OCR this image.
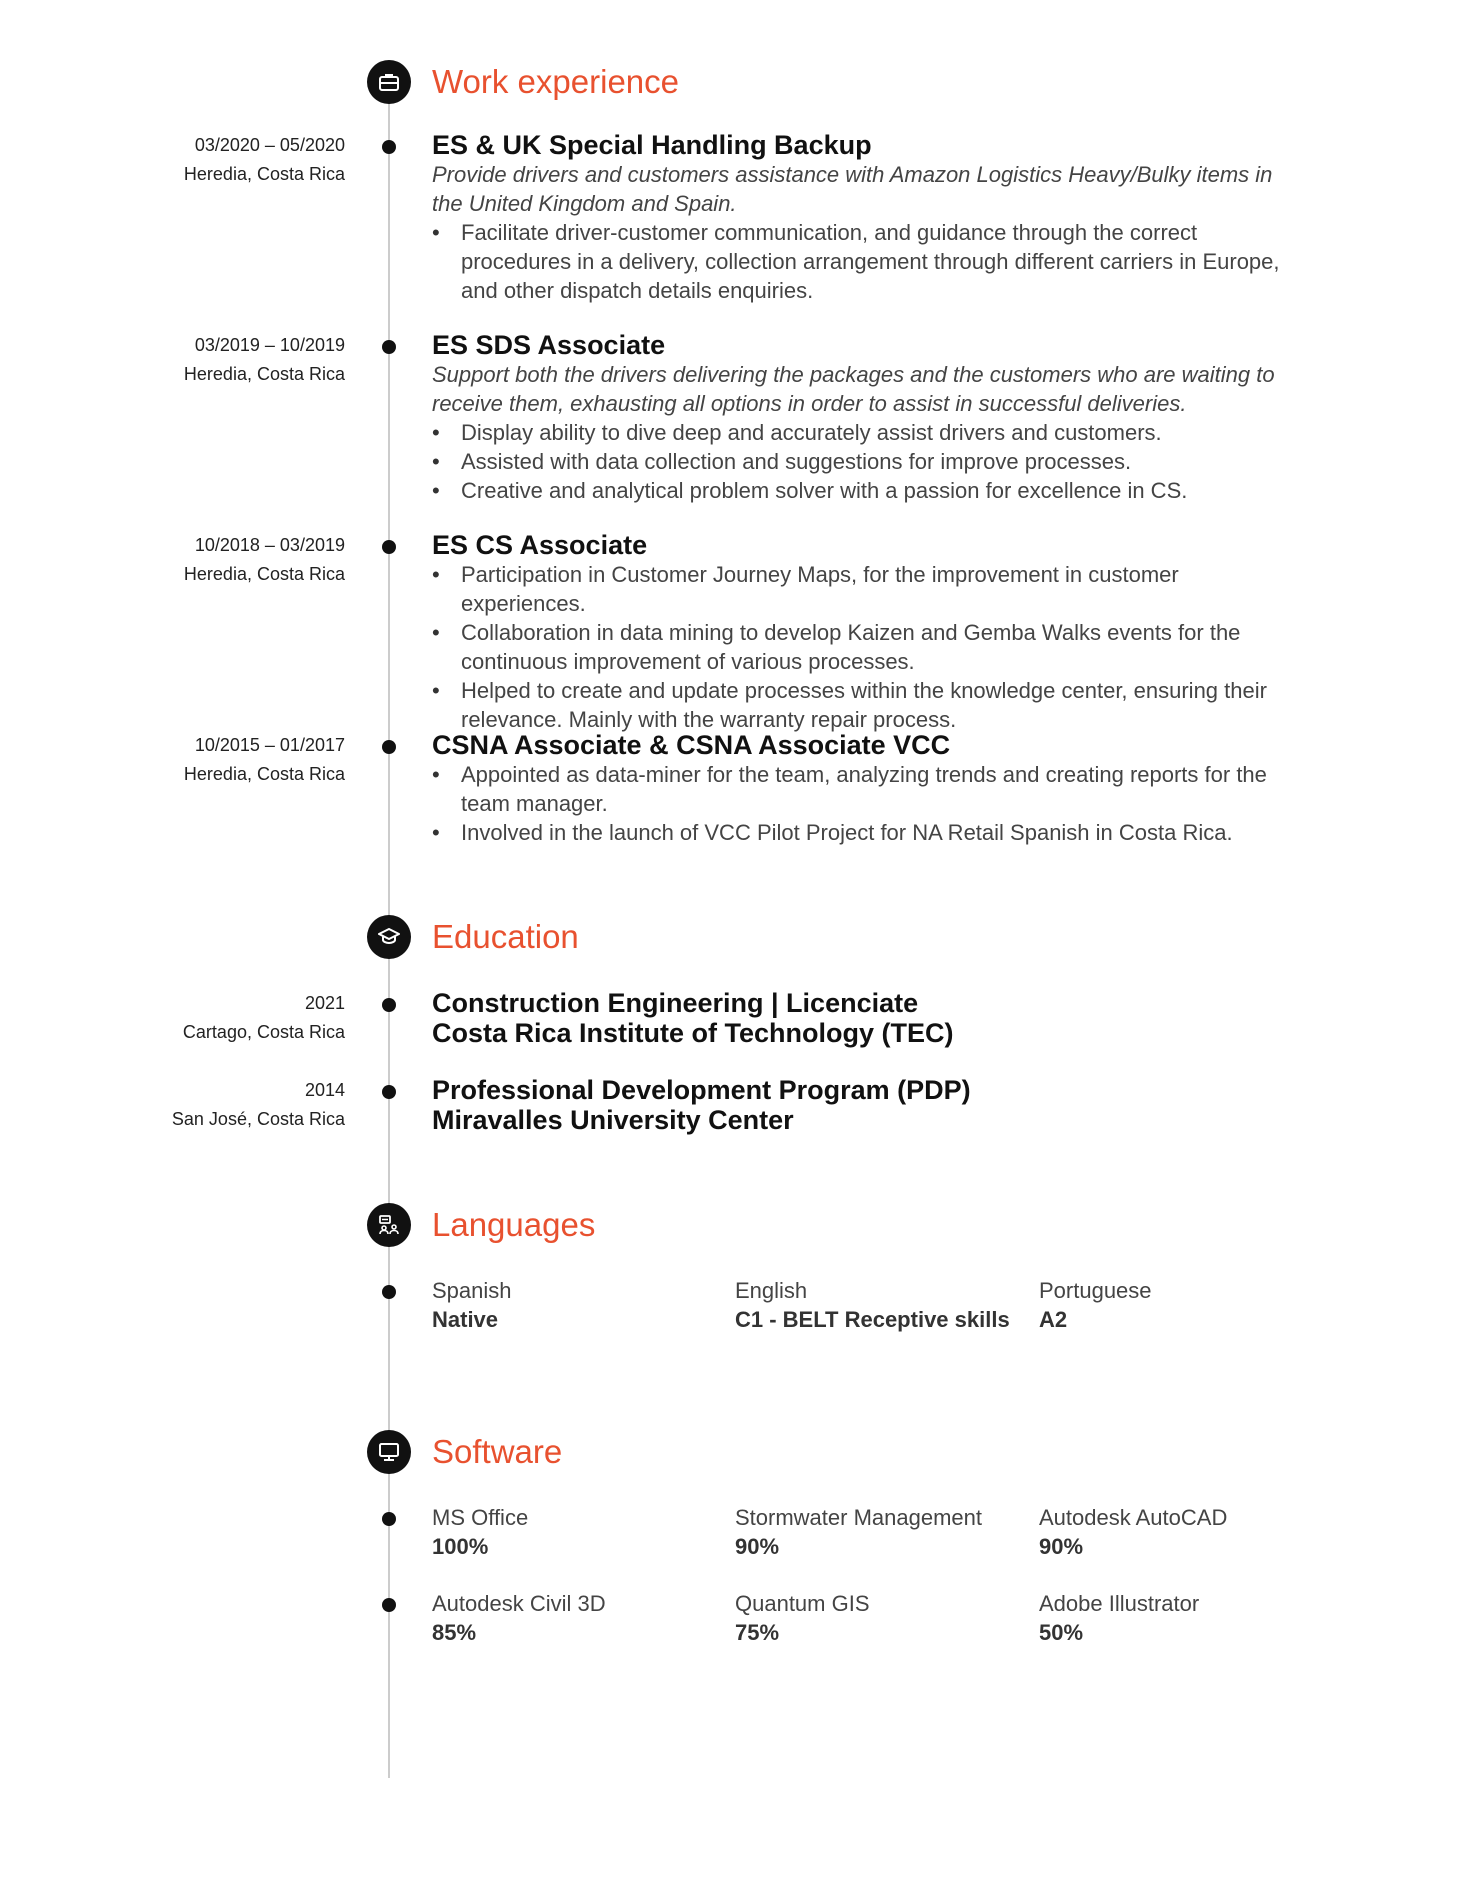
Work experience
03/2020 – 05/2020
Heredia, Costa Rica
ES & UK Special Handling Backup

Provide drivers and customers assistance with Amazon Logistics Heavy/Bulky items in the United Kingdom and Spain.

• Facilitate driver-customer communication, and guidance through the correct procedures in a delivery, collection arrangement through different carriers in Europe, and other dispatch details enquiries.
03/2019 – 10/2019
Heredia, Costa Rica
ES SDS Associate

Support both the drivers delivering the packages and the customers who are waiting to receive them, exhausting all options in order to assist in successful deliveries.

• Display ability to dive deep and accurately assist drivers and customers.
• Assisted with data collection and suggestions for improve processes.
• Creative and analytical problem solver with a passion for excellence in CS.
10/2018 – 03/2019
Heredia, Costa Rica
ES CS Associate
• Participation in Customer Journey Maps, for the improvement in customer experiences.
• Collaboration in data mining to develop Kaizen and Gemba Walks events for the continuous improvement of various processes.
• Helped to create and update processes within the knowledge center, ensuring their relevance. Mainly with the warranty repair process.
10/2015 – 01/2017
Heredia, Costa Rica
CSNA Associate & CSNA Associate VCC
• Appointed as data-miner for the team, analyzing trends and creating reports for the team manager.
• Involved in the launch of VCC Pilot Project for NA Retail Spanish in Costa Rica.
Education
2021
Cartago, Costa Rica
Construction Engineering | Licenciate
Costa Rica Institute of Technology (TEC)
2014
San José, Costa Rica
Professional Development Program (PDP)
Miravalles University Center
Languages
Spanish
Native
English
C1 - BELT Receptive skills
Portuguese
A2
Software
MS Office
100%
Stormwater Management
90%
Autodesk AutoCAD
90%
Autodesk Civil 3D
85%
Quantum GIS
75%
Adobe Illustrator
50%
